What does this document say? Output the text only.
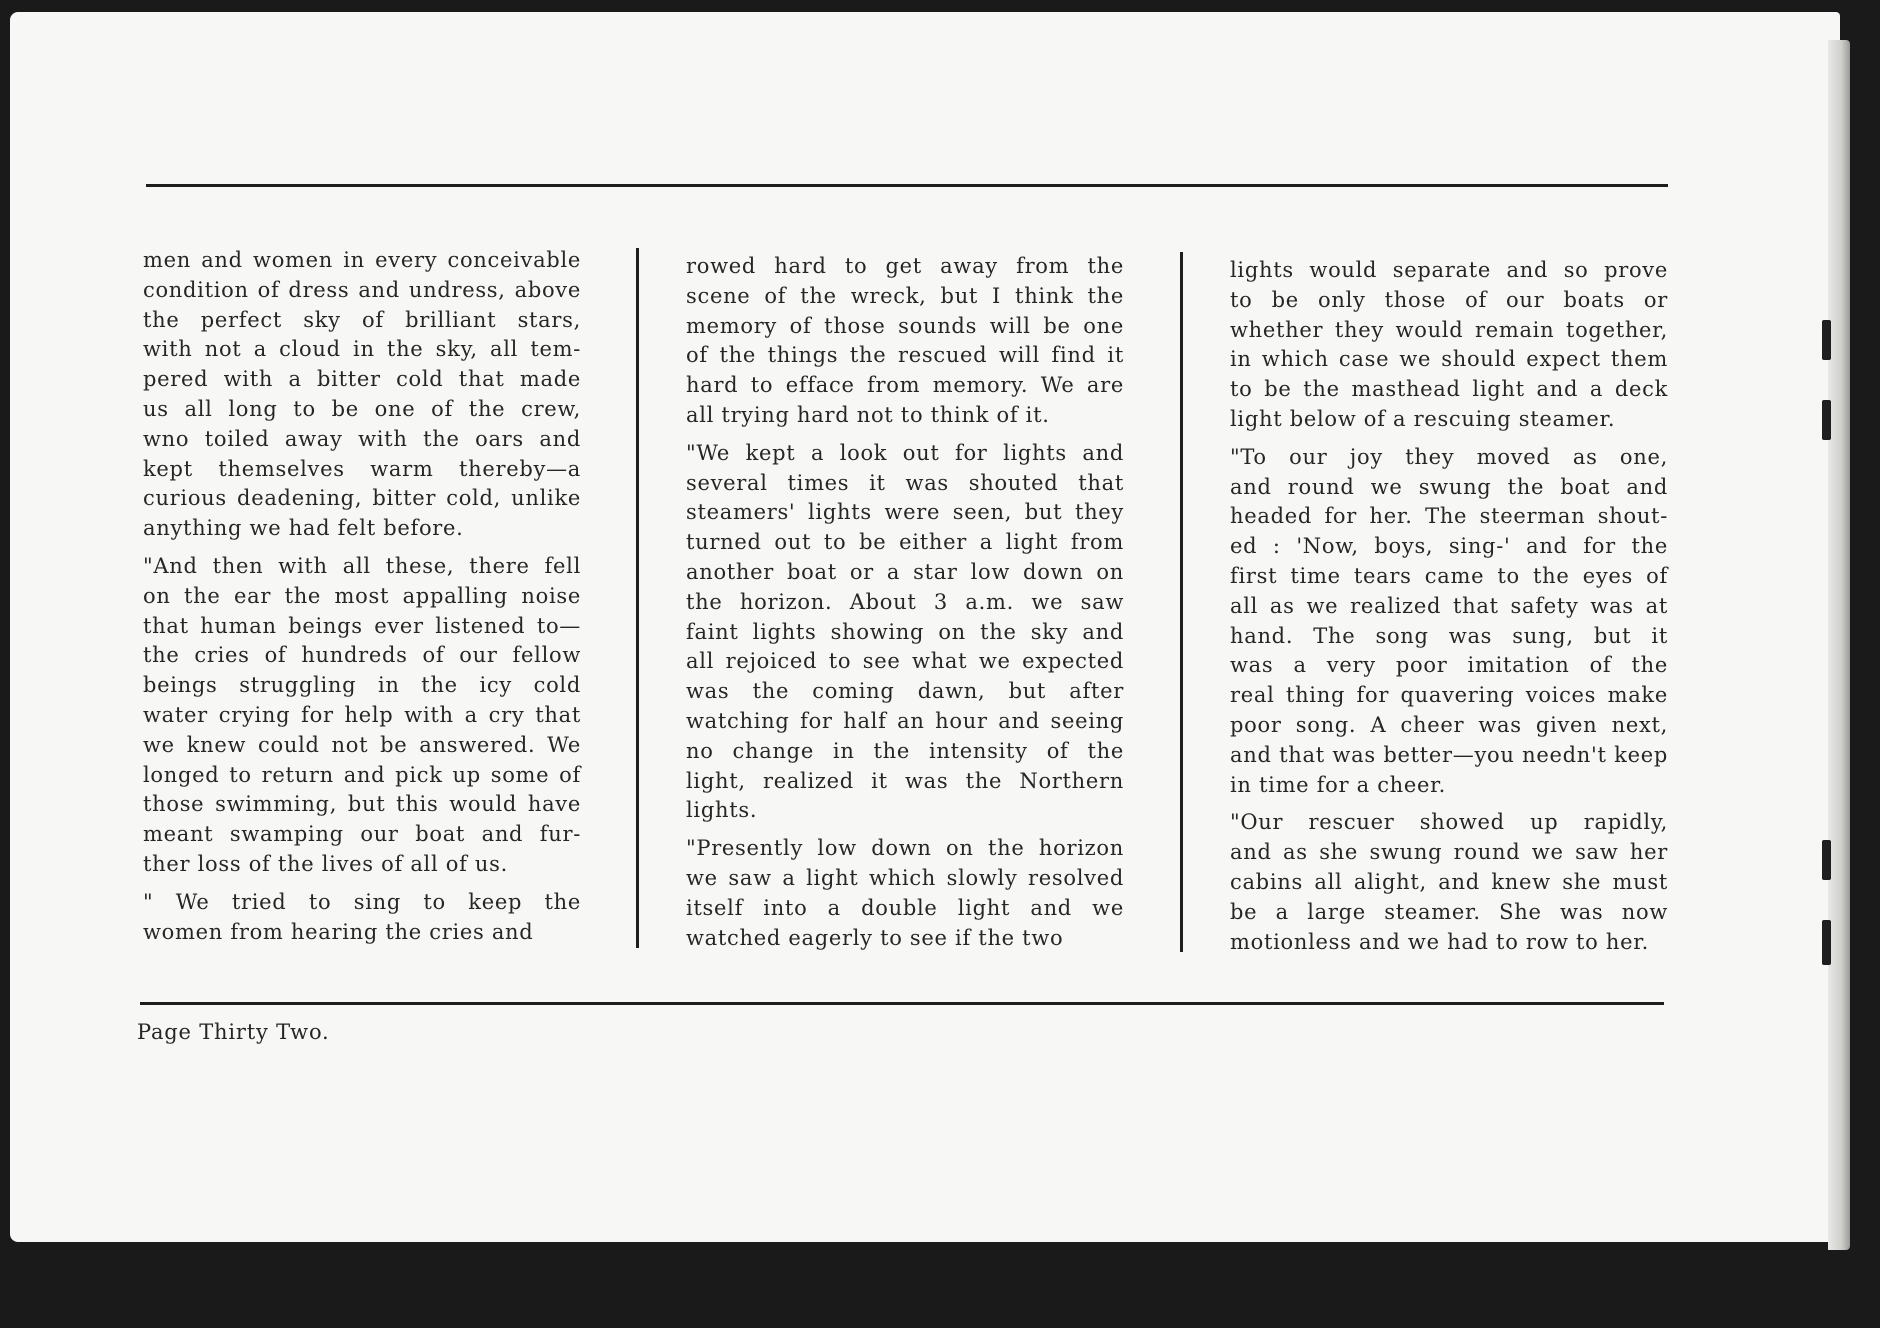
men and women in every conceivable
condition of dress and undress, above
the perfect sky of brilliant stars,
with not a cloud in the sky, all tem-
pered with a bitter cold that made
us all long to be one of the crew,
wno toiled away with the oars and
kept themselves warm thereby—a
curious deadening, bitter cold, unlike
anything we had felt before.

"And then with all these, there fell
on the ear the most appalling noise
that human beings ever listened to—
the cries of hundreds of our fellow
beings struggling in the icy cold
water crying for help with a cry that
we knew could not be answered. We
longed to return and pick up some of
those swimming, but this would have
meant swamping our boat and fur-
ther loss of the lives of all of us.

" We tried to sing to keep the
women from hearing the cries and

rowed hard to get away from the
scene of the wreck, but I think the
memory of those sounds will be one
of the things the rescued will find it
hard to efface from memory. We are
all trying hard not to think of it.

"We kept a look out for lights and
several times it was shouted that
steamers' lights were seen, but they
turned out to be either a light from
another boat or a star low down on
the horizon. About 3 a.m. we saw
faint lights showing on the sky and
all rejoiced to see what we expected
was the coming dawn, but after
watching for half an hour and seeing
no change in the intensity of the
light, realized it was the Northern
lights.

"Presently low down on the horizon
we saw a light which slowly resolved
itself into a double light and we
watched eagerly to see if the two

lights would separate and so prove
to be only those of our boats or
whether they would remain together,
in which case we should expect them
to be the masthead light and a deck
light below of a rescuing steamer.

"To our joy they moved as one,
and round we swung the boat and
headed for her. The steerman shout-
ed : 'Now, boys, sing-' and for the
first time tears came to the eyes of
all as we realized that safety was at
hand. The song was sung, but it
was a very poor imitation of the
real thing for quavering voices make
poor song. A cheer was given next,
and that was better—you needn't keep
in time for a cheer.

"Our rescuer showed up rapidly,
and as she swung round we saw her
cabins all alight, and knew she must
be a large steamer. She was now
motionless and we had to row to her.

Page Thirty Two.
